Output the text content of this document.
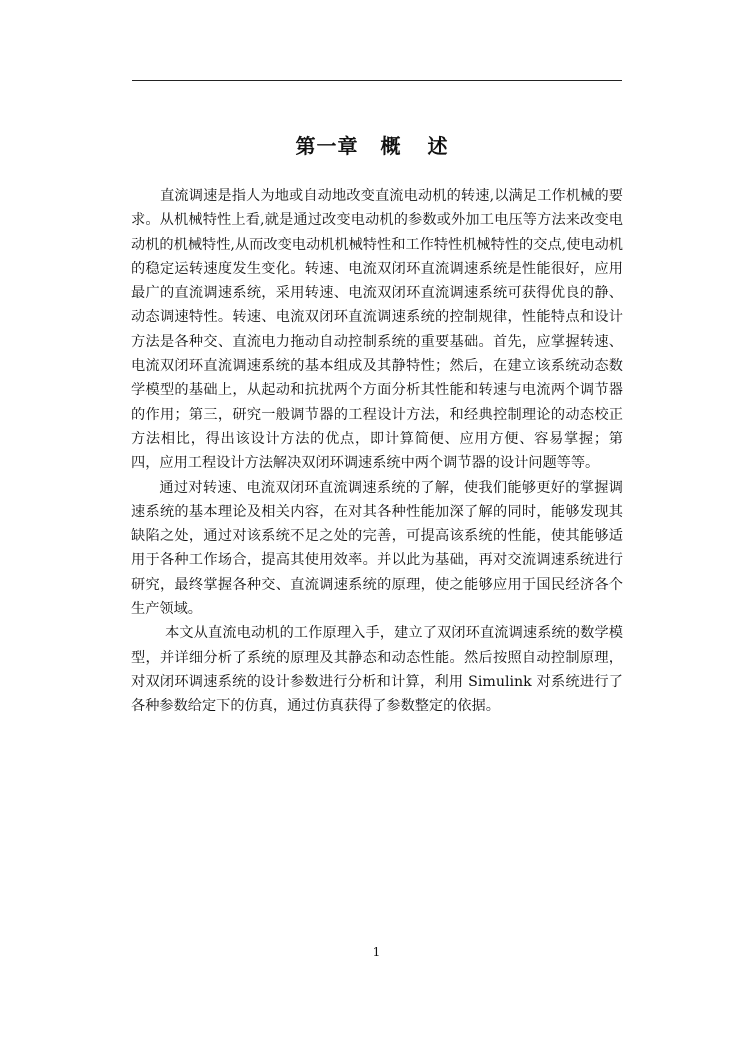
第一章 概 述

直流调速是指人为地或自动地改变直流电动机的转速,以满足工作机械的要求。从机械特性上看,就是通过改变电动机的参数或外加工电压等方法来改变电动机的机械特性,从而改变电动机机械特性和工作特性机械特性的交点,使电动机的稳定运转速度发生变化。转速、电流双闭环直流调速系统是性能很好，应用最广的直流调速系统，采用转速、电流双闭环直流调速系统可获得优良的静、动态调速特性。转速、电流双闭环直流调速系统的控制规律，性能特点和设计方法是各种交、直流电力拖动自动控制系统的重要基础。首先，应掌握转速、电流双闭环直流调速系统的基本组成及其静特性；然后，在建立该系统动态数学模型的基础上，从起动和抗扰两个方面分析其性能和转速与电流两个调节器的作用；第三，研究一般调节器的工程设计方法，和经典控制理论的动态校正方法相比，得出该设计方法的优点，即计算简便、应用方便、容易掌握；第四，应用工程设计方法解决双闭环调速系统中两个调节器的设计问题等等。

通过对转速、电流双闭环直流调速系统的了解，使我们能够更好的掌握调速系统的基本理论及相关内容，在对其各种性能加深了解的同时，能够发现其缺陷之处，通过对该系统不足之处的完善，可提高该系统的性能，使其能够适用于各种工作场合，提高其使用效率。并以此为基础，再对交流调速系统进行研究，最终掌握各种交、直流调速系统的原理，使之能够应用于国民经济各个生产领域。

本文从直流电动机的工作原理入手，建立了双闭环直流调速系统的数学模型，并详细分析了系统的原理及其静态和动态性能。然后按照自动控制原理，对双闭环调速系统的设计参数进行分析和计算，利用 Simulink 对系统进行了各种参数给定下的仿真，通过仿真获得了参数整定的依据。

1
